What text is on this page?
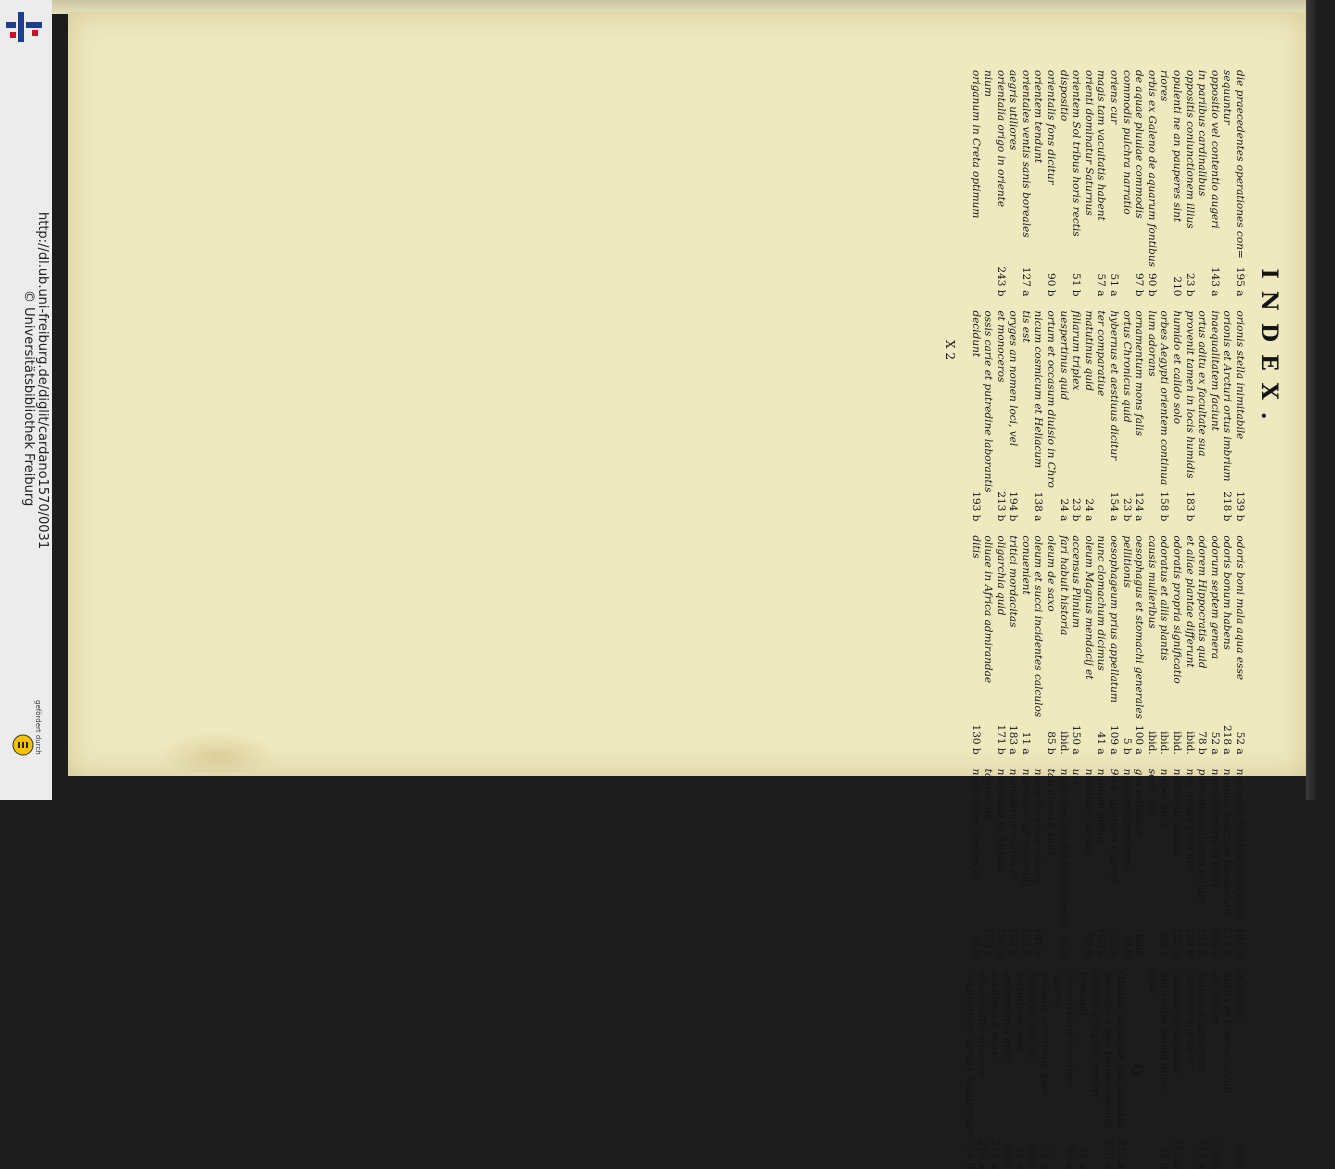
http://dl.ub.uni-freiburg.de/diglit/cardano1570/0031
© Universitätsbibliothek Freiburg
gefördert durch
INDEX.
die praecedentes operationes con=
195 a
sequuntur
oppositio vel contentio augeri
143 a
in pariibus cardinalibus
oppositis coniunctionem illius
23 b
opulenti ne an pauperes sint
210
riores
orbis ex Galeno de aquarum fontibus
90 b
de aquae pluuiae commodis
97 b
commodis pulchra narratio
oriens cur
51 a
magis tam vacuitatis habent
57 a
orienti dominatur Saturnus
orientem Sol tribus horis rectis
51 b
dispositio
orientalis fons dicitur
90 b
orientem tendunt
orientales ventis sanis boreales
127 a
aegris utiliores
orientalia origo in oriente
243 b
nium
origanum in Creta optimum
orionis stella inimitabile
139 b
orionis et Arcturi ortus imbrium
218 b
inaequalitatem faciunt
ortus aditu ex facultate sua
provenit tamen in locis humidis
183 b
humido et calido solo
orbes Aegypti orientem continua
158 b
lum adorans
ornamentum mons falis
124 a
ortus Chronicus quid
23 b
hybernus et aestiuus dicitur
154 a
ter comparatiue
matutinus quid
24 a
filiarum triplex
23 b
uespertinus quid
24 a
ortum et occasum diuisio in Chro
nicum cosmicum et Heliacum
138 a
tis est
oryges an nomen loci, vel
194 b
et monoceros
213 b
ossis carie et putredine laborantis
decidunt
193 b
odoris boni mala aqua esse
52 a
odoris bonum habens
218 a
odorum septem genera
52 a
odorem Hippocratis quid
78 b
et aliae plantae differunt
ibid.
odoratis propria significatio
ibid.
odoratus et aliis plantis
ibid.
causis mulieribus
ibid.
oesophagus et stomachi generales
100 a
pellitionis
5 b
oesophageum prius appellatum
109 a
nunc clomachum dicimus
41 a
oleum Magnus mendacij et
accensus Plinium
150 a
fari habuit historia
ibid.
oleum de saxo
85 b
oleum et succi incidentes calculos
conuenient
11 a
tritici mordacitas
183 a
oligarchia quid
171 b
oliuae in Africa admirandae
ditis
130 b
nomades Scythae male dicti
181 b
nomina coactum lumborum
213 b
nonni pectoris et illius
204 a
poris humiditatem tollunt
192 b
nox bonae pars ubi
124 b
noctes in Gothia
125 a
nubes quid
99 a
serit ibid.
gra reddatur
ibid.
nubiun ingrediente
43 b
96 b quantum a terra
52 a
nubium motus
100 a
nubibus a vento
99 b
uia
nubentes aut debitum tempus
46 a
tati obnoxii sunt
nucis Persicae natura
148 a
numidae cur macrobij
154 b
numidarum mores et
150 b
numidiae et Africae
150 a
tographia
150 a
nuptiarum tempus in
45 b
in puellis
ibid.
nutrix in timore calculi
uti debeat
116 b
mulam eligenerent
115 a
nutrices nigrae et
calculis generandis
115 b
nutrientia omnia dulcia
93 b
esse
O
Obstipi censores qui dicuntur
213 a
obesitas a quo temperamento
220 a
oblatio a frigida cerebri
prouenit
75 a
obscurissimi homines
86 a
rissimi
occasus chronicus quid
23 b
Heliacus quid sit
ibid.
matutinus quid
24 a
uespertinus quid
ibid.
occidens a mare
217 a
dissimilatis adumno
216 a
occidentem uersus habitantium
54 b
X 2
